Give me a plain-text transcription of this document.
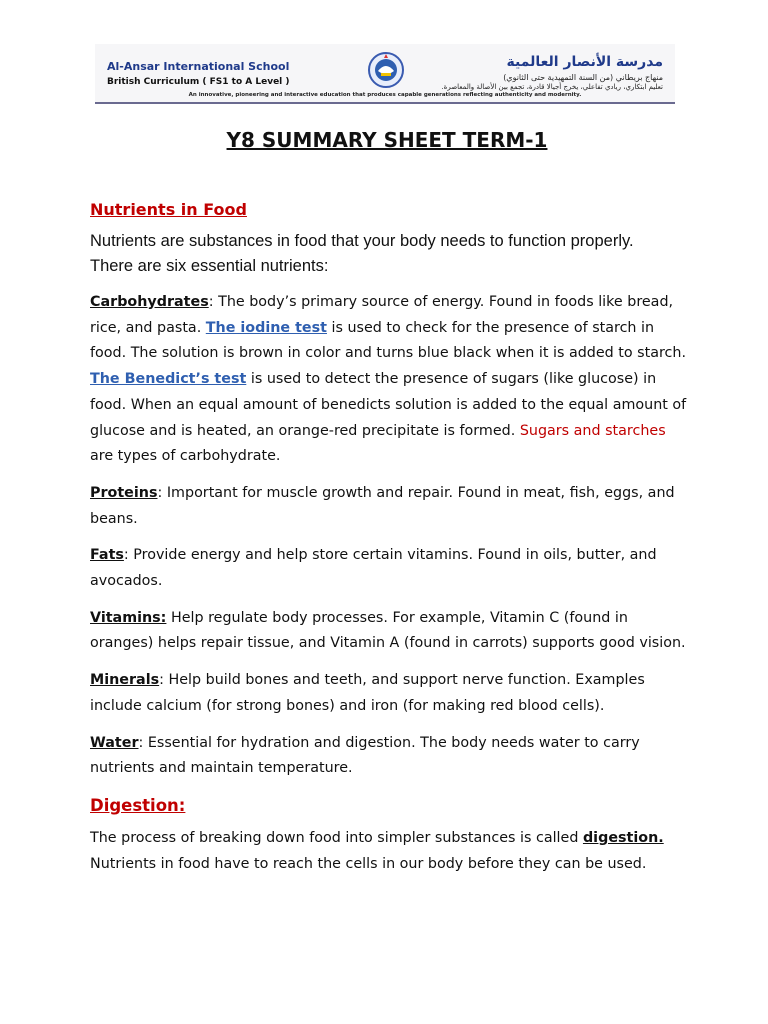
Al-Ansar International School
British Curriculum ( FS1 to A Level )
مدرسة الأنصار العالمية
منهاج بريطاني (من السنة التمهيدية حتى الثانوي)
تعليم ابتكاري، ريادي تفاعلي، يخرج أجيالا قادرة، تجمع بين الأصالة والمعاصرة.
An innovative, pioneering and interactive education that produces capable generations reflecting authenticity and modernity.
Y8 SUMMARY SHEET TERM-1
Nutrients in Food

Nutrients are substances in food that your body needs to function properly.
There are six essential nutrients:

Carbohydrates: The body’s primary source of energy. Found in foods like bread, rice, and pasta. The iodine test is used to check for the presence of starch in food. The solution is brown in color and turns blue black when it is added to starch. The Benedict’s test is used to detect the presence of sugars (like glucose) in food. When an equal amount of benedicts solution is added to the equal amount of glucose and is heated, an orange-red precipitate is formed. Sugars and starches are types of carbohydrate.

Proteins: Important for muscle growth and repair. Found in meat, fish, eggs, and beans.

Fats: Provide energy and help store certain vitamins. Found in oils, butter, and avocados.

Vitamins: Help regulate body processes. For example, Vitamin C (found in oranges) helps repair tissue, and Vitamin A (found in carrots) supports good vision.

Minerals: Help build bones and teeth, and support nerve function. Examples include calcium (for strong bones) and iron (for making red blood cells).

Water: Essential for hydration and digestion. The body needs water to carry nutrients and maintain temperature.

Digestion:

The process of breaking down food into simpler substances is called digestion. Nutrients in food have to reach the cells in our body before they can be used.
